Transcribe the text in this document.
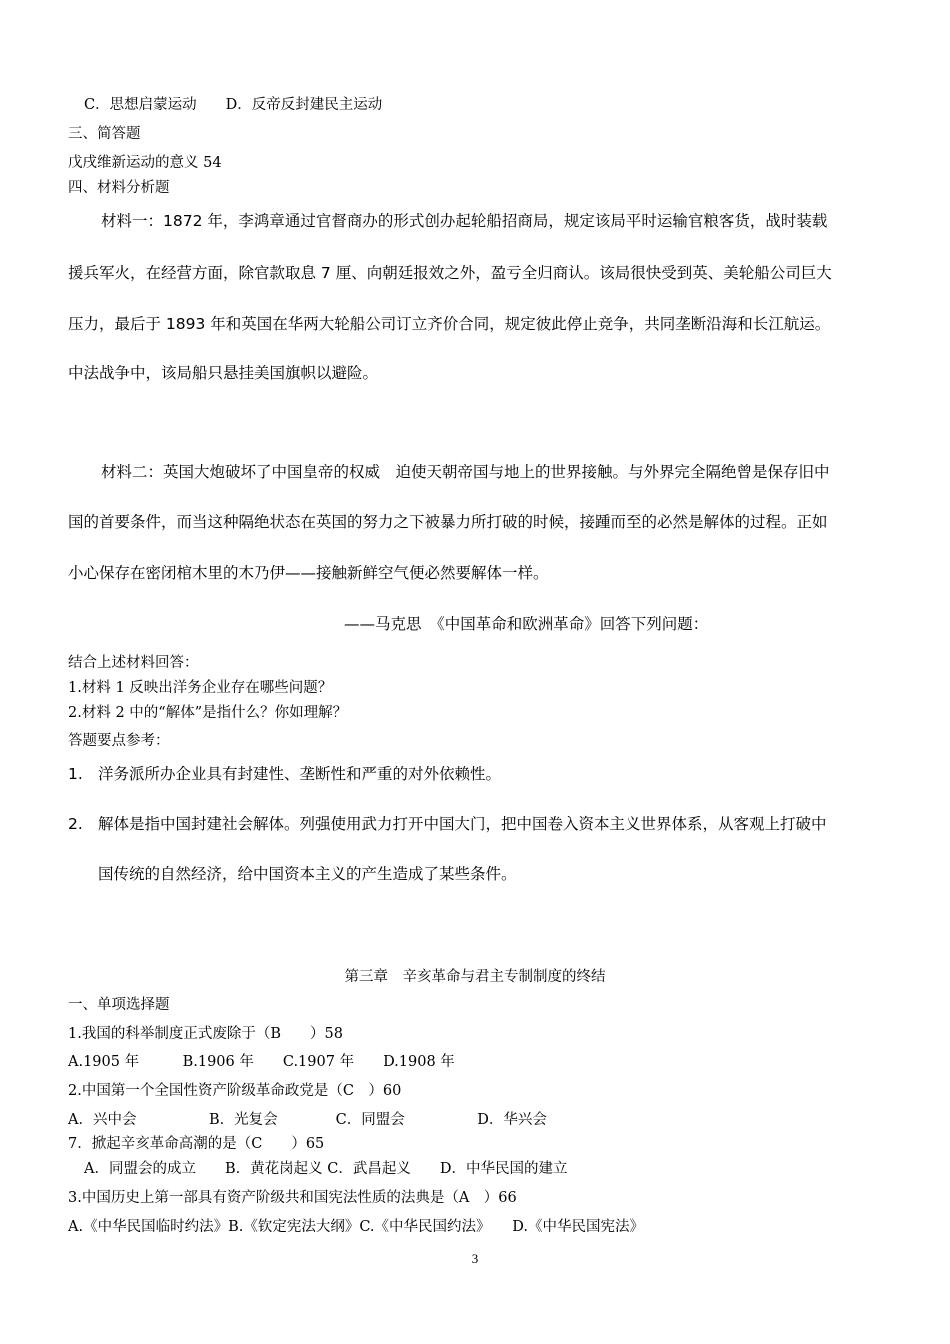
C．思想启蒙运动　　D．反帝反封建民主运动
三、简答题
戊戌维新运动的意义 54
四、材料分析题
材料一：1872 年，李鸿章通过官督商办的形式创办起轮船招商局，规定该局平时运输官粮客货，战时装载
援兵军火，在经营方面，除官款取息 7 厘、向朝廷报效之外，盈亏全归商认。该局很快受到英、美轮船公司巨大
压力，最后于 1893 年和英国在华两大轮船公司订立齐价合同，规定彼此停止竞争，共同垄断沿海和长江航运。
中法战争中，该局船只悬挂美国旗帜以避险。
材料二：英国大炮破坏了中国皇帝的权威　迫使天朝帝国与地上的世界接触。与外界完全隔绝曾是保存旧中
国的首要条件，而当这种隔绝状态在英国的努力之下被暴力所打破的时候，接踵而至的必然是解体的过程。正如
小心保存在密闭棺木里的木乃伊——接触新鲜空气便必然要解体一样。
——马克思　《中国革命和欧洲革命》回答下列问题：
结合上述材料回答：
1.材料 1 反映出洋务企业存在哪些问题？
2.材料 2 中的“解体”是指什么？你如理解？
答题要点参考：
1. 洋务派所办企业具有封建性、垄断性和严重的对外依赖性。
2. 解体是指中国封建社会解体。列强使用武力打开中国大门，把中国卷入资本主义世界体系，从客观上打破中
国传统的自然经济，给中国资本主义的产生造成了某些条件。
第三章　辛亥革命与君主专制制度的终结
一、单项选择题
1.我国的科举制度正式废除于（B　　）58
A.1905 年　　　B.1906 年　　C.1907 年　　D.1908 年
2.中国第一个全国性资产阶级革命政党是（C　）60
A．兴中会　　　　　B．光复会　　　　C．同盟会　　　　　D．华兴会
7．掀起辛亥革命高潮的是（C　　）65
A．同盟会的成立　　B．黄花岗起义 C．武昌起义　　D．中华民国的建立
3.中国历史上第一部具有资产阶级共和国宪法性质的法典是（A　）66
A.《中华民国临时约法》B.《钦定宪法大纲》C.《中华民国约法》　　D.《中华民国宪法》
3
